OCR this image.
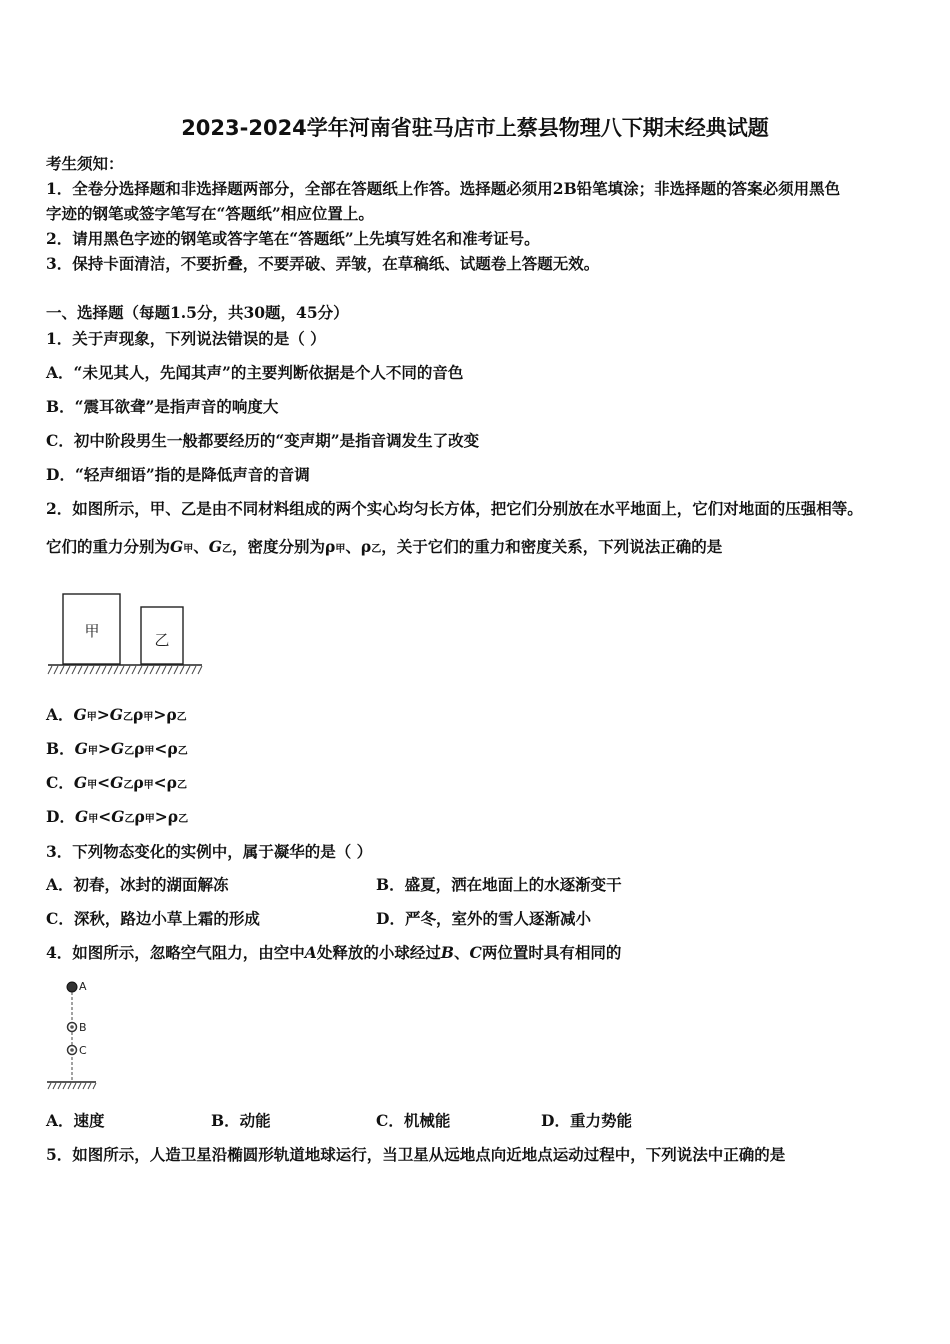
2023-2024学年河南省驻马店市上蔡县物理八下期末经典试题
考生须知：
1．全卷分选择题和非选择题两部分，全部在答题纸上作答。选择题必须用2B铅笔填涂；非选择题的答案必须用黑色
字迹的钢笔或签字笔写在“答题纸”相应位置上。
2．请用黑色字迹的钢笔或答字笔在“答题纸”上先填写姓名和准考证号。
3．保持卡面清洁，不要折叠，不要弄破、弄皱，在草稿纸、试题卷上答题无效。
一、选择题（每题1.5分，共30题，45分）
1．关于声现象，下列说法错误的是（ ）
A．“未见其人，先闻其声”的主要判断依据是个人不同的音色
B．“震耳欲聋”是指声音的响度大
C．初中阶段男生一般都要经历的“变声期”是指音调发生了改变
D．“轻声细语”指的是降低声音的音调
2．如图所示，甲、乙是由不同材料组成的两个实心均匀长方体，把它们分别放在水平地面上，它们对地面的压强相等。
它们的重力分别为G甲、G乙，密度分别为ρ甲、ρ乙，关于它们的重力和密度关系，下列说法正确的是
甲	乙
A．G甲>G乙ρ甲>ρ乙
B．G甲>G乙ρ甲<ρ乙
C．G甲<G乙ρ甲<ρ乙
D．G甲<G乙ρ甲>ρ乙
3．下列物态变化的实例中，属于凝华的是（ ）
A．初春，冰封的湖面解冻	B．盛夏，洒在地面上的水逐渐变干
C．深秋，路边小草上霜的形成	D．严冬，室外的雪人逐渐减小
4．如图所示，忽略空气阻力，由空中A处释放的小球经过B、C两位置时具有相同的
A
B
C
A．速度	B．动能	C．机械能	D．重力势能
5．如图所示，人造卫星沿椭圆形轨道地球运行，当卫星从远地点向近地点运动过程中，下列说法中正确的是
